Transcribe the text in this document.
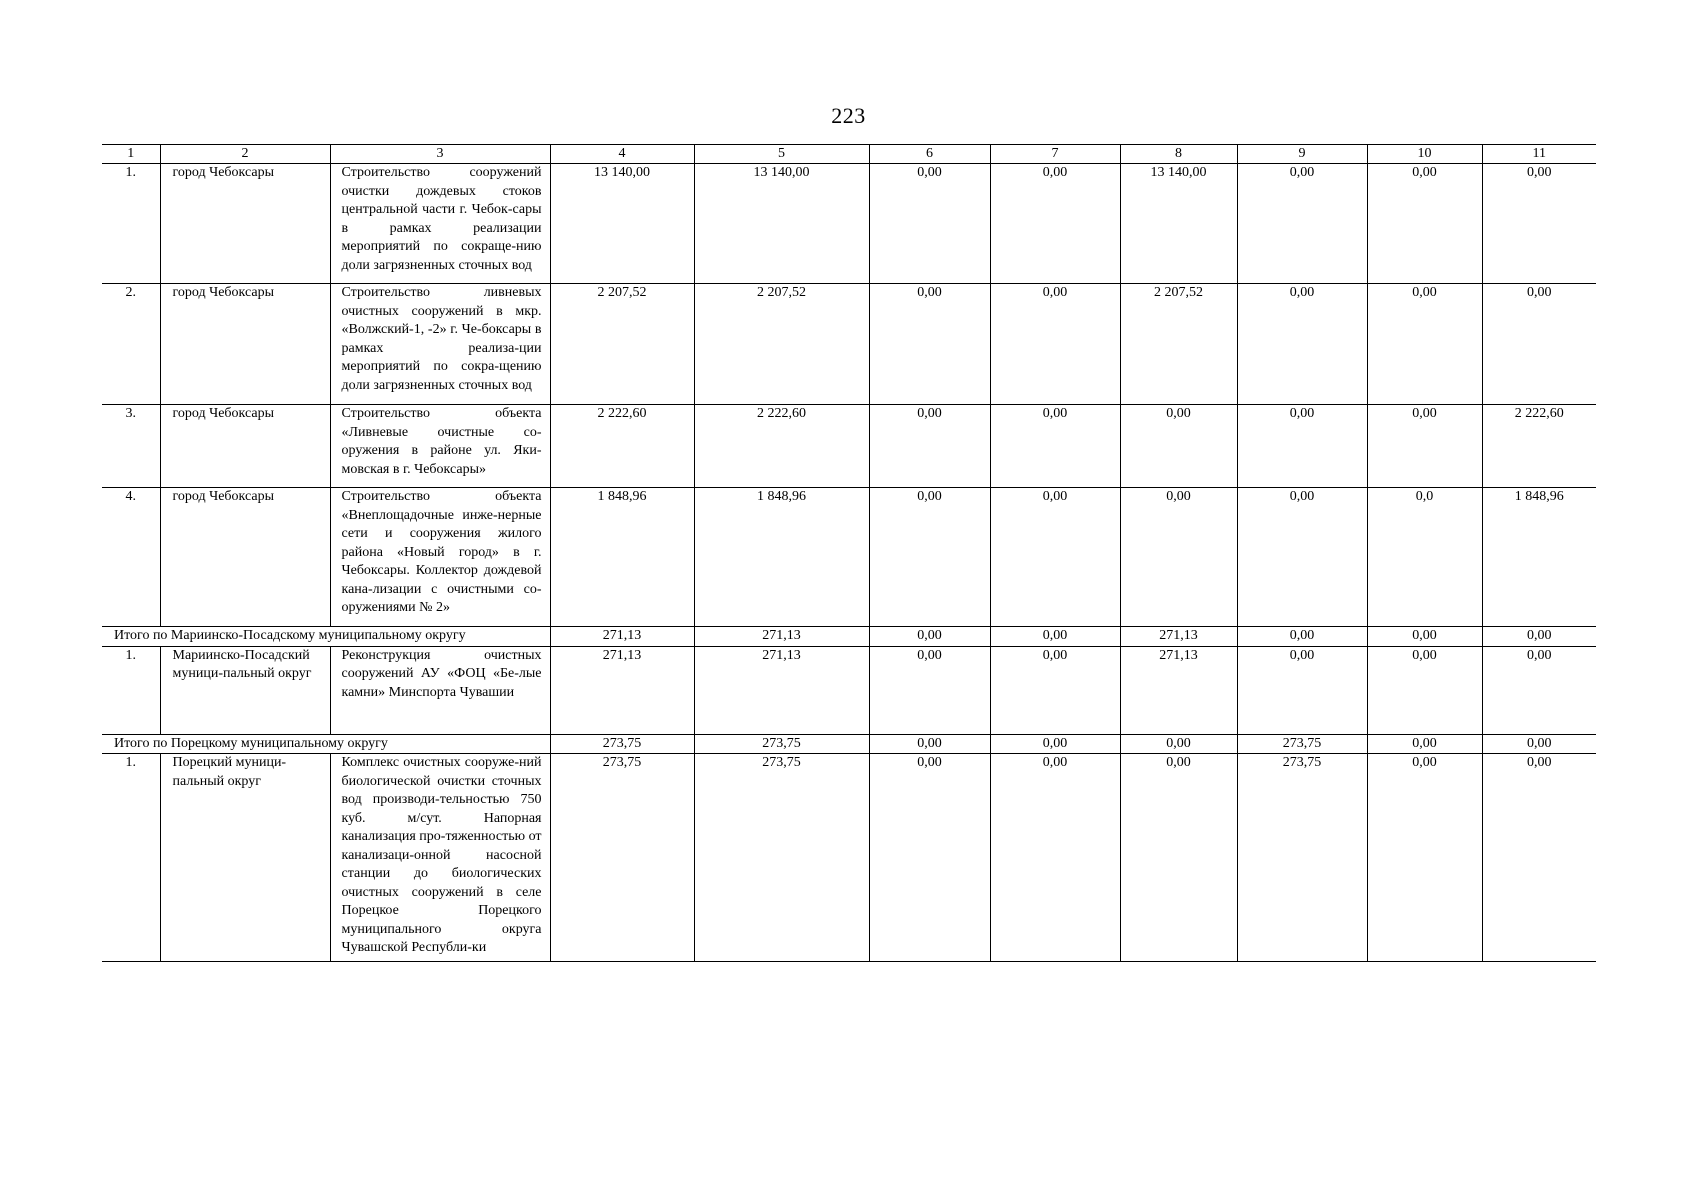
223
1	2	3	4	5	6	7	8	9	10	11
1.	город Чебоксары	Строительство сооружений очистки дождевых стоков центральной части г. Чебок-сары в рамках реализации мероприятий по сокраще-нию доли загрязненных сточных вод	13 140,00	13 140,00	0,00	0,00	13 140,00	0,00	0,00	0,00
2.	город Чебоксары	Строительство ливневых очистных сооружений в мкр. «Волжский-1, -2» г. Че-боксары в рамках реализа-ции мероприятий по сокра-щению доли загрязненных сточных вод	2 207,52	2 207,52	0,00	0,00	2 207,52	0,00	0,00	0,00
3.	город Чебоксары	Строительство объекта «Ливневые очистные со-оружения в районе ул. Яки-мовская в г. Чебоксары»	2 222,60	2 222,60	0,00	0,00	0,00	0,00	0,00	2 222,60
4.	город Чебоксары	Строительство объекта «Внеплощадочные инже-нерные сети и сооружения жилого района «Новый город» в г. Чебоксары. Коллектор дождевой кана-лизации с очистными со-оружениями № 2»	1 848,96	1 848,96	0,00	0,00	0,00	0,00	0,0	1 848,96
Итого по Мариинско-Посадскому муниципальному округу			271,13	271,13	0,00	0,00	271,13	0,00	0,00	0,00
1.	Мариинско-Посадский муници-пальный округ	Реконструкция очистных сооружений АУ «ФОЦ «Бе-лые камни» Минспорта Чувашии	271,13	271,13	0,00	0,00	271,13	0,00	0,00	0,00
Итого по Порецкому муниципальному округу			273,75	273,75	0,00	0,00	0,00	273,75	0,00	0,00
1.	Порецкий муници-пальный округ	Комплекс очистных сооруже-ний биологической очистки сточных вод производи-тельностью 750 куб. м/сут. Напорная канализация про-тяженностью от канализаци-онной насосной станции до биологических очистных сооружений в селе Порецкое Порецкого муниципального округа Чувашской Республи-ки	273,75	273,75	0,00	0,00	0,00	273,75	0,00	0,00
